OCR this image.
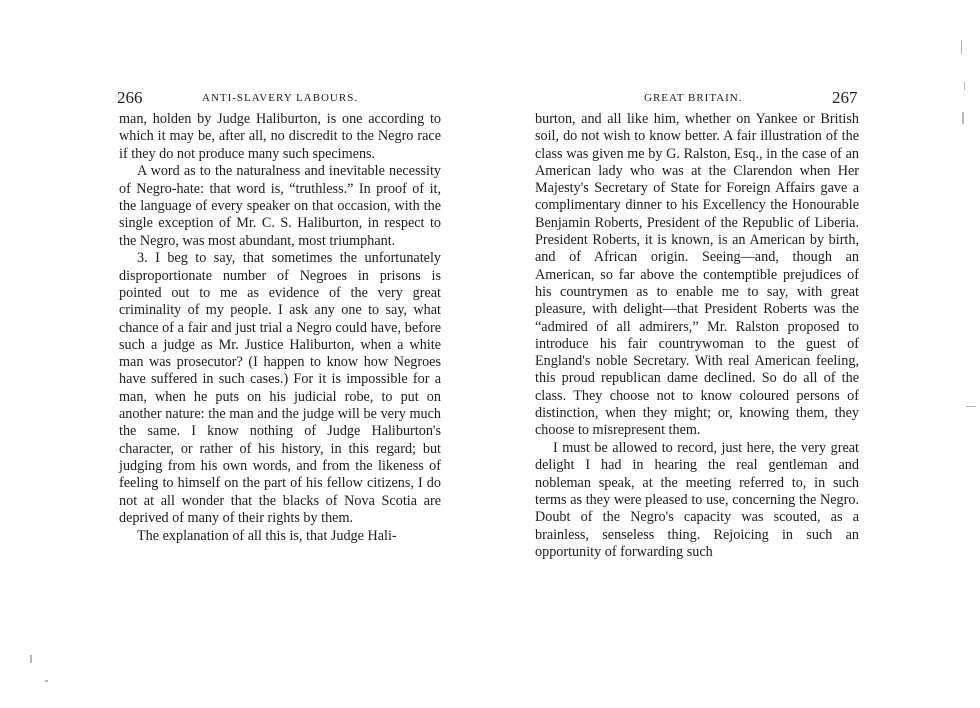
266	ANTI-SLAVERY LABOURS.

man, holden by Judge Haliburton, is one according to which it may be, after all, no discredit to the Negro race if they do not produce many such specimens.

A word as to the naturalness and inevitable necessity of Negro-hate: that word is, “truthless.” In proof of it, the language of every speaker on that occasion, with the single exception of Mr. C. S. Haliburton, in respect to the Negro, was most abundant, most triumphant.

3. I beg to say, that sometimes the unfortunately disproportionate number of Negroes in prisons is pointed out to me as evidence of the very great criminality of my people. I ask any one to say, what chance of a fair and just trial a Negro could have, before such a judge as Mr. Justice Haliburton, when a white man was prosecutor? (I happen to know how Negroes have suffered in such cases.) For it is impossible for a man, when he puts on his judicial robe, to put on another nature: the man and the judge will be very much the same. I know nothing of Judge Haliburton's character, or rather of his history, in this regard; but judging from his own words, and from the likeness of feeling to himself on the part of his fellow citizens, I do not at all wonder that the blacks of Nova Scotia are deprived of many of their rights by them.

The explanation of all this is, that Judge Hali-

GREAT BRITAIN.	267

burton, and all like him, whether on Yankee or British soil, do not wish to know better. A fair illustration of the class was given me by G. Ralston, Esq., in the case of an American lady who was at the Clarendon when Her Majesty's Secretary of State for Foreign Affairs gave a complimentary dinner to his Excellency the Honourable Benjamin Roberts, President of the Republic of Liberia. President Roberts, it is known, is an American by birth, and of African origin. Seeing—and, though an American, so far above the contemptible prejudices of his countrymen as to enable me to say, with great pleasure, with delight—that President Roberts was the “admired of all admirers,” Mr. Ralston proposed to introduce his fair countrywoman to the guest of England's noble Secretary. With real American feeling, this proud republican dame declined. So do all of the class. They choose not to know coloured persons of distinction, when they might; or, knowing them, they choose to misrepresent them.

I must be allowed to record, just here, the very great delight I had in hearing the real gentleman and nobleman speak, at the meeting referred to, in such terms as they were pleased to use, concerning the Negro. Doubt of the Negro's capacity was scouted, as a brainless, senseless thing. Rejoicing in such an opportunity of forwarding such
